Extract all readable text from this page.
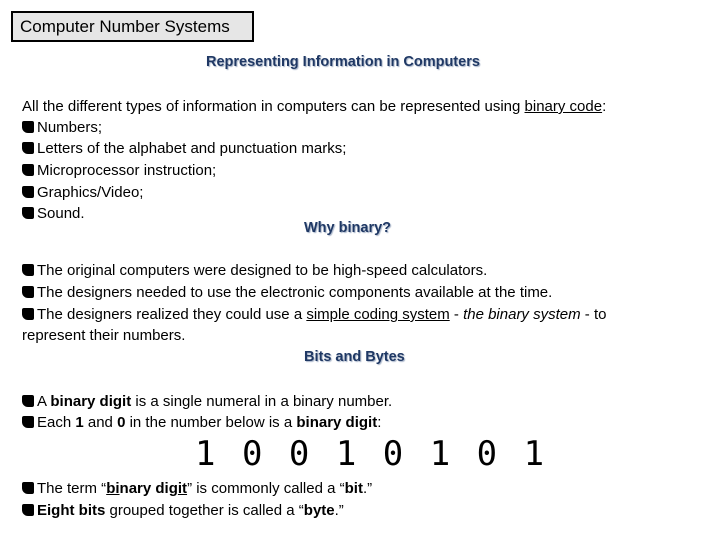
Computer Number Systems
Representing Information in Computers
All the different types of information in computers can be represented using binary code:
Numbers;
Letters of the alphabet and punctuation marks;
Microprocessor instruction;
Graphics/Video;
Sound.
Why binary?
The original computers were designed to be high-speed calculators.
The designers needed to use the electronic components available at the time.
The designers realized they could use a simple coding system - the binary system - to
represent their numbers.
Bits and Bytes
A binary digit is a single numeral in a binary number.
Each 1 and 0 in the number below is a binary digit:
1 0 0 1 0 1 0 1
The term “binary digit” is commonly called a “bit.”
Eight bits grouped together is called a “byte.”
